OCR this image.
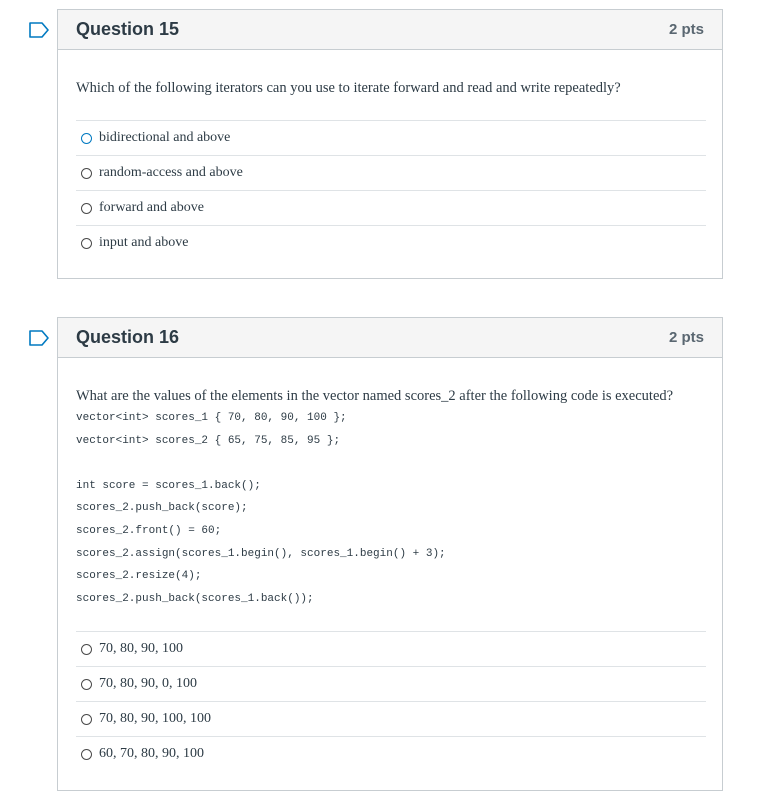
Question 15	2 pts
Which of the following iterators can you use to iterate forward and read and write repeatedly?
bidirectional and above
random-access and above
forward and above
input and above
Question 16	2 pts
What are the values of the elements in the vector named scores_2 after the following code is executed?
vector<int> scores_1 { 70, 80, 90, 100 };
vector<int> scores_2 { 65, 75, 85, 95 };
int score = scores_1.back();
scores_2.push_back(score);
scores_2.front() = 60;
scores_2.assign(scores_1.begin(), scores_1.begin() + 3);
scores_2.resize(4);
scores_2.push_back(scores_1.back());
70, 80, 90, 100
70, 80, 90, 0, 100
70, 80, 90, 100, 100
60, 70, 80, 90, 100
